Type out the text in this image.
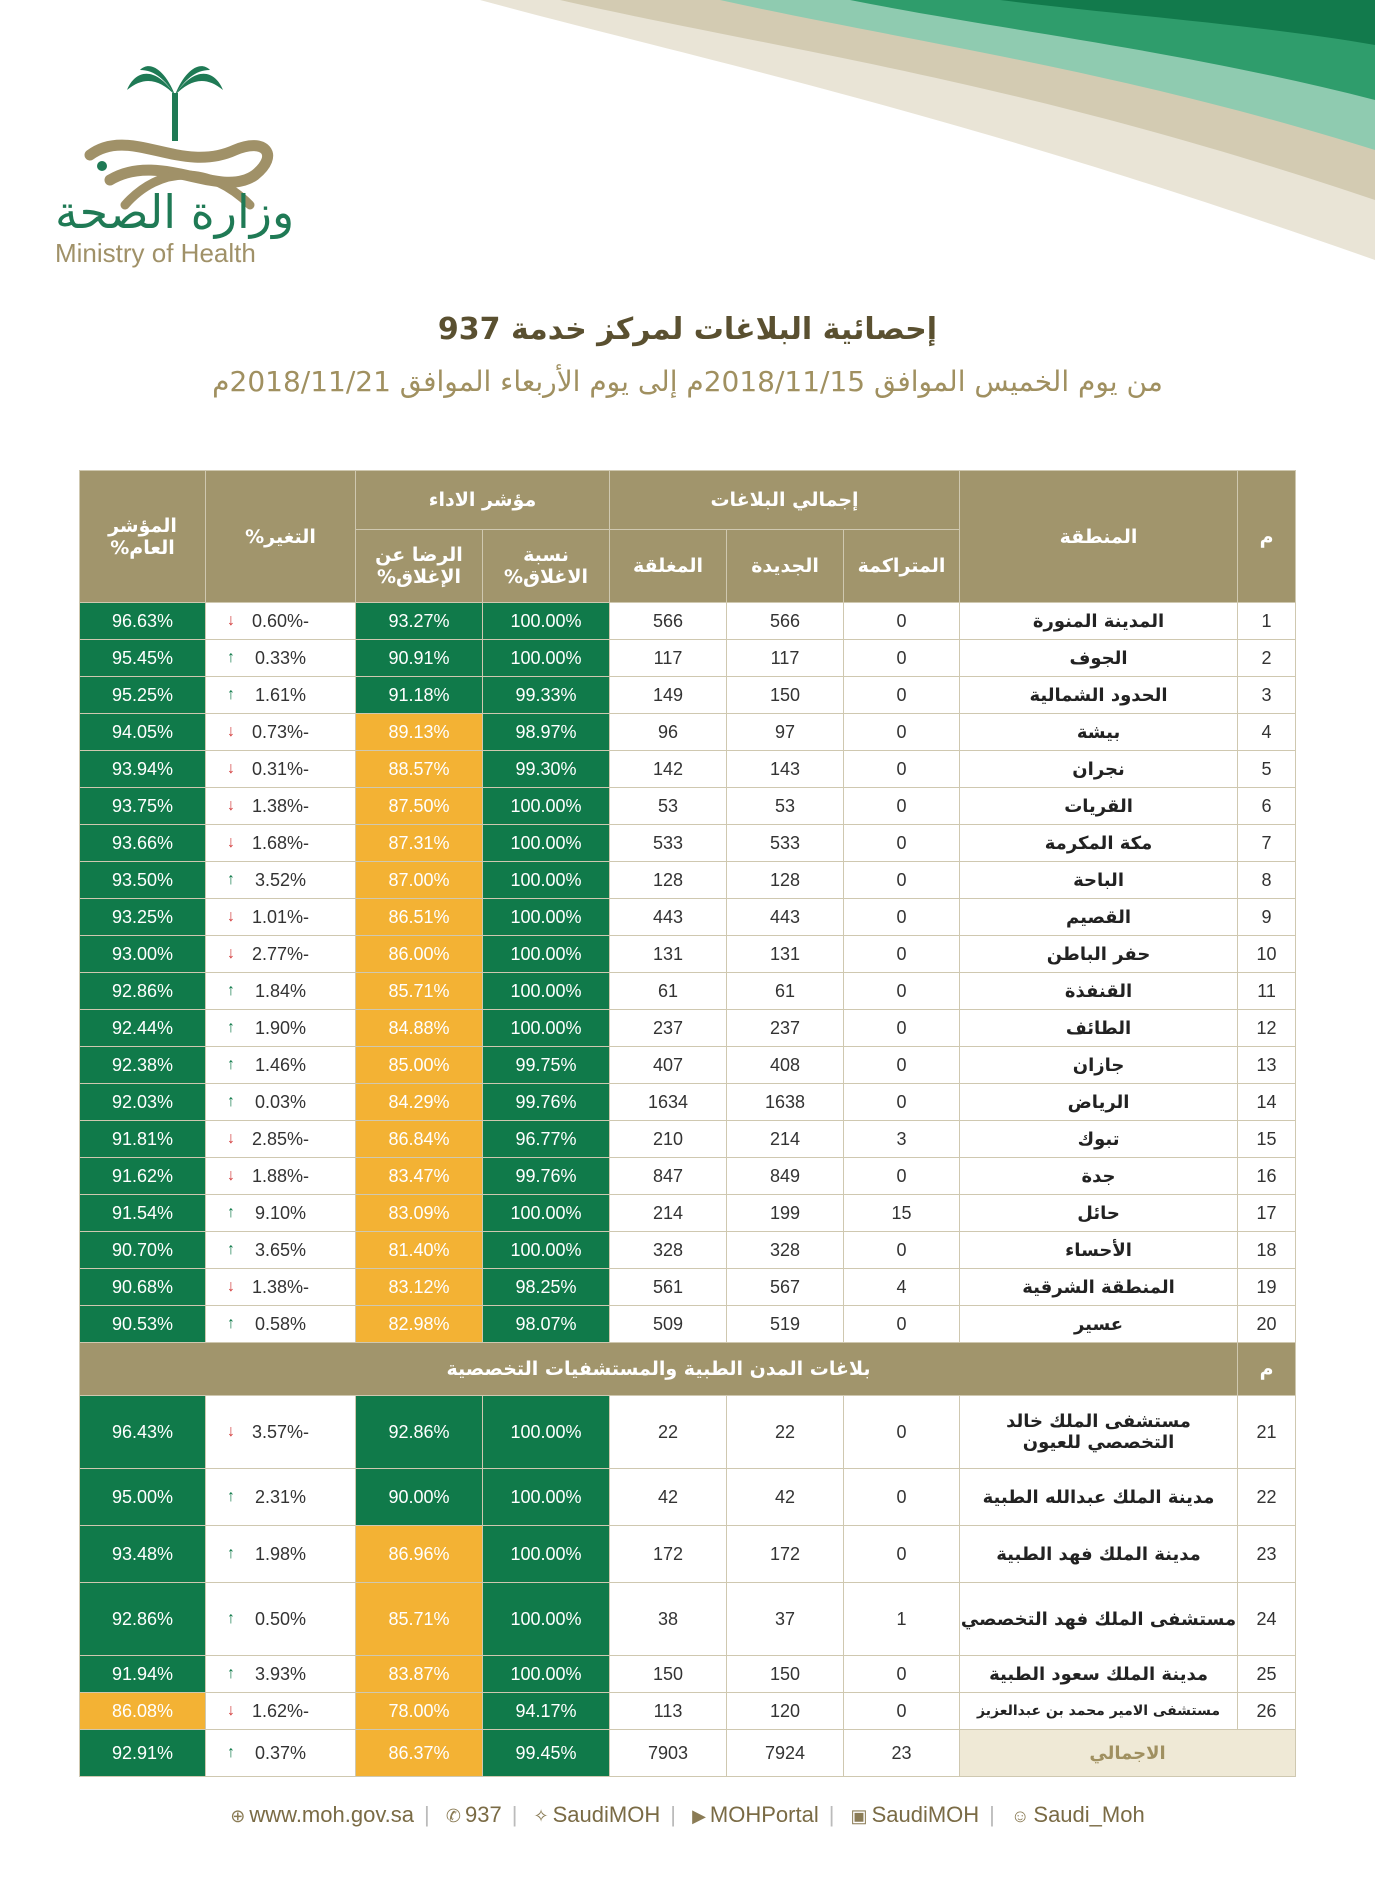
وزارة الصحة
Ministry of Health
إحصائية البلاغات لمركز خدمة 937
من يوم الخميس الموافق 2018/11/15م إلى يوم الأربعاء الموافق 2018/11/21م
م	المنطقة	إجمالي البلاغات			مؤشر الاداء		التغير%	المؤشر العام%
		المتراكمة	الجديدة	المغلقة	نسبة الاغلاق%	الرضا عن الإغلاق%		
1	المدينة المنورة	0	566	566	100.00%	93.27%	↓ -0.60%	96.63%
2	الجوف	0	117	117	100.00%	90.91%	↑ 0.33%	95.45%
3	الحدود الشمالية	0	150	149	99.33%	91.18%	↑ 1.61%	95.25%
4	بيشة	0	97	96	98.97%	89.13%	↓ -0.73%	94.05%
5	نجران	0	143	142	99.30%	88.57%	↓ -0.31%	93.94%
6	القريات	0	53	53	100.00%	87.50%	↓ -1.38%	93.75%
7	مكة المكرمة	0	533	533	100.00%	87.31%	↓ -1.68%	93.66%
8	الباحة	0	128	128	100.00%	87.00%	↑ 3.52%	93.50%
9	القصيم	0	443	443	100.00%	86.51%	↓ -1.01%	93.25%
10	حفر الباطن	0	131	131	100.00%	86.00%	↓ -2.77%	93.00%
11	القنفذة	0	61	61	100.00%	85.71%	↑ 1.84%	92.86%
12	الطائف	0	237	237	100.00%	84.88%	↑ 1.90%	92.44%
13	جازان	0	408	407	99.75%	85.00%	↑ 1.46%	92.38%
14	الرياض	0	1638	1634	99.76%	84.29%	↑ 0.03%	92.03%
15	تبوك	3	214	210	96.77%	86.84%	↓ -2.85%	91.81%
16	جدة	0	849	847	99.76%	83.47%	↓ -1.88%	91.62%
17	حائل	15	199	214	100.00%	83.09%	↑ 9.10%	91.54%
18	الأحساء	0	328	328	100.00%	81.40%	↑ 3.65%	90.70%
19	المنطقة الشرقية	4	567	561	98.25%	83.12%	↓ -1.38%	90.68%
20	عسير	0	519	509	98.07%	82.98%	↑ 0.58%	90.53%
م	بلاغات المدن الطبية والمستشفيات التخصصية							
21	مستشفى الملك خالد التخصصي للعيون	0	22	22	100.00%	92.86%	↓ -3.57%	96.43%
22	مدينة الملك عبدالله الطبية	0	42	42	100.00%	90.00%	↑ 2.31%	95.00%
23	مدينة الملك فهد الطبية	0	172	172	100.00%	86.96%	↑ 1.98%	93.48%
24	مستشفى الملك فهد التخصصي	1	37	38	100.00%	85.71%	↑ 0.50%	92.86%
25	مدينة الملك سعود الطبية	0	150	150	100.00%	83.87%	↑ 3.93%	91.94%
26	مستشفى الامير محمد بن عبدالعزيز	0	120	113	94.17%	78.00%	↓ -1.62%	86.08%
الاجمالي		23	7924	7903	99.45%	86.37%	↑ 0.37%	92.91%
⊕ www.moh.gov.sa | ✆ 937 | ✧ SaudiMOH | ▶ MOHPortal | ▣ SaudiMOH | ☺ Saudi_Moh
